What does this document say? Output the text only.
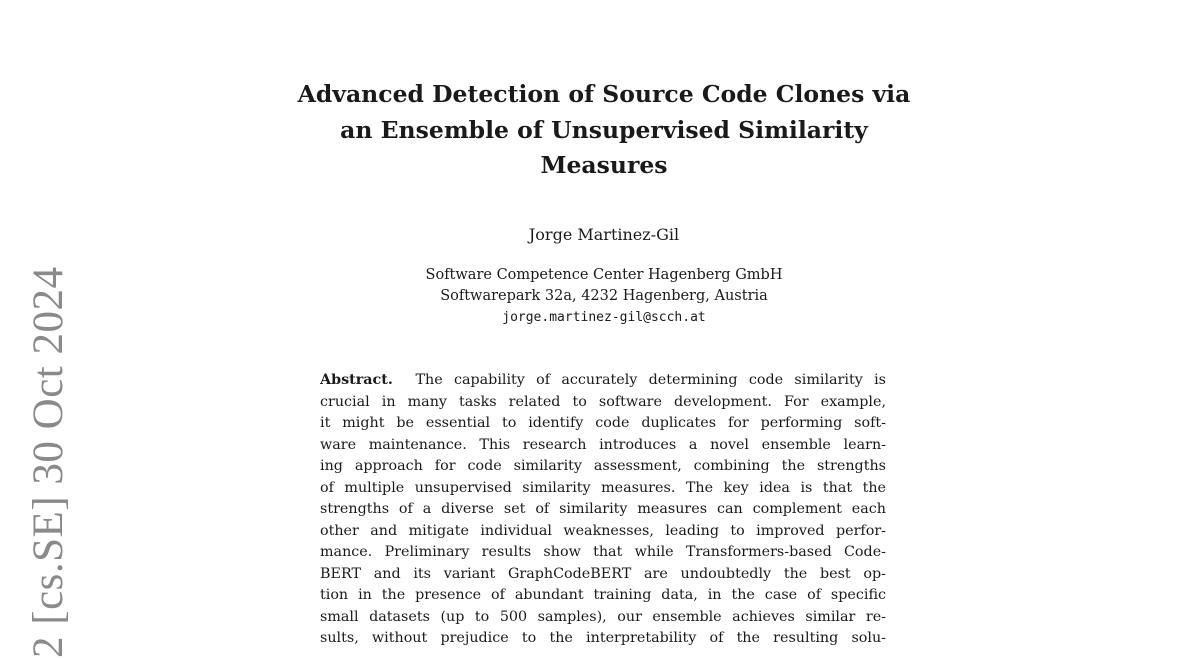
2 [cs.SE] 30 Oct 2024
Advanced Detection of Source Code Clones via
an Ensemble of Unsupervised Similarity
Measures
Jorge Martinez-Gil
Software Competence Center Hagenberg GmbH
Softwarepark 32a, 4232 Hagenberg, Austria
jorge.martinez-gil@scch.at
Abstract. The capability of accurately determining code similarity is
crucial in many tasks related to software development. For example,
it might be essential to identify code duplicates for performing soft-
ware maintenance. This research introduces a novel ensemble learn-
ing approach for code similarity assessment, combining the strengths
of multiple unsupervised similarity measures. The key idea is that the
strengths of a diverse set of similarity measures can complement each
other and mitigate individual weaknesses, leading to improved perfor-
mance. Preliminary results show that while Transformers-based Code-
BERT and its variant GraphCodeBERT are undoubtedly the best op-
tion in the presence of abundant training data, in the case of specific
small datasets (up to 500 samples), our ensemble achieves similar re-
sults, without prejudice to the interpretability of the resulting solu-
